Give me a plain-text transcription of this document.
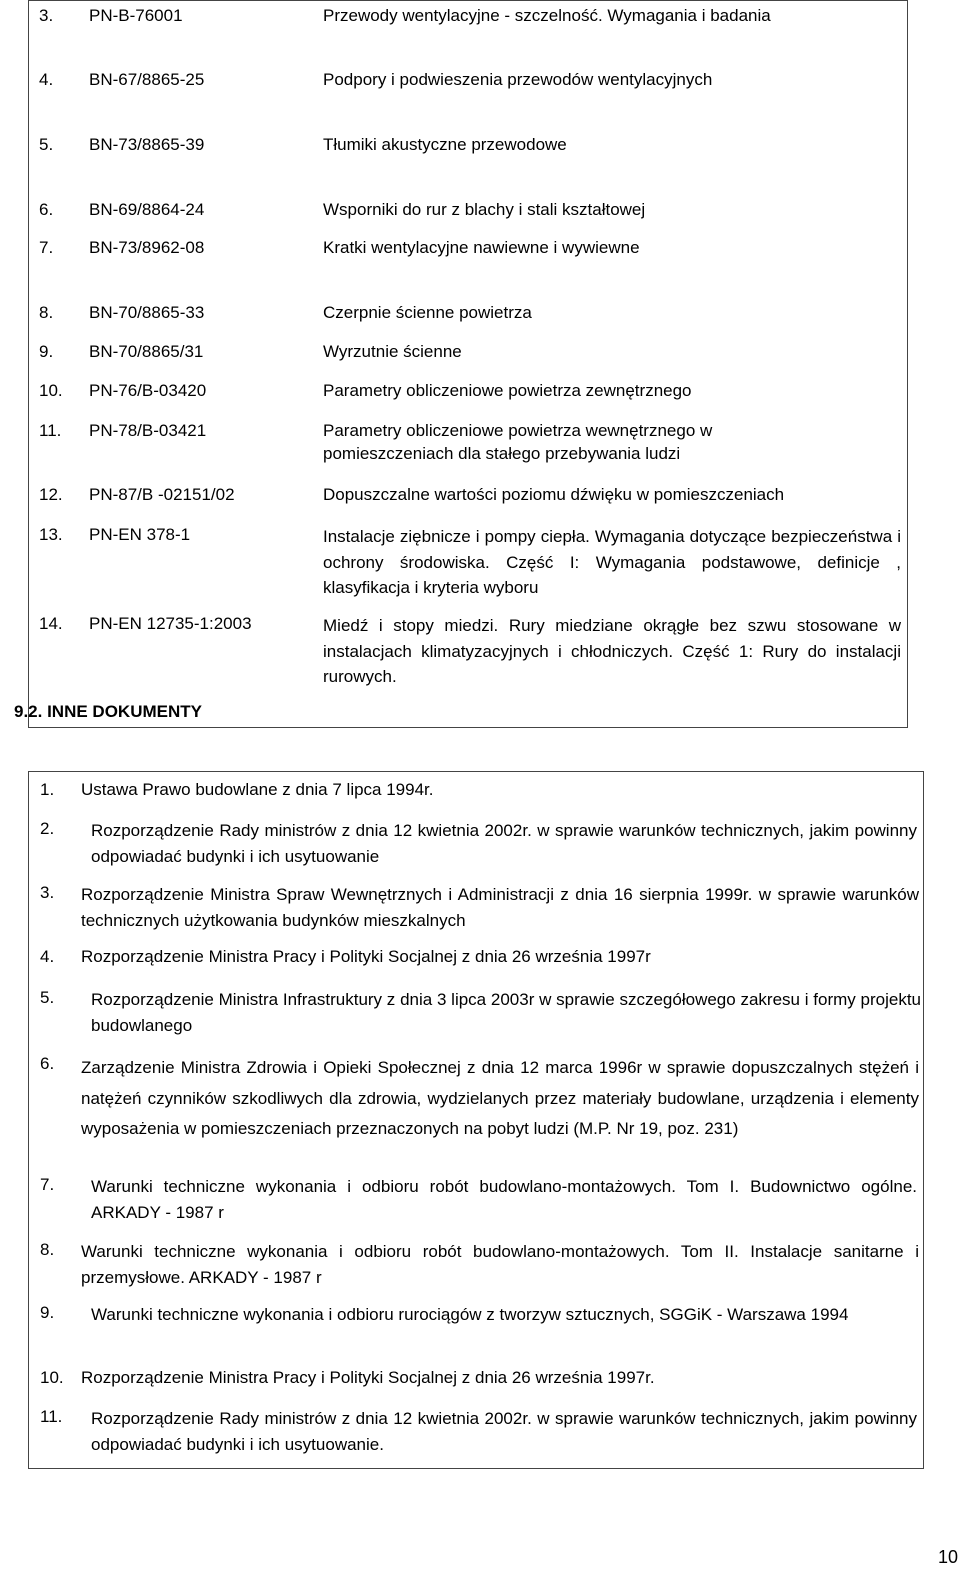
3. PN-B-76001	Przewody wentylacyjne - szczelność. Wymagania i badania
4. BN-67/8865-25	Podpory i podwieszenia przewodów wentylacyjnych
5. BN-73/8865-39	Tłumiki akustyczne przewodowe
6. BN-69/8864-24	Wsporniki do rur z blachy i stali kształtowej
7. BN-73/8962-08	Kratki wentylacyjne nawiewne i wywiewne
8. BN-70/8865-33	Czerpnie ścienne powietrza
9. BN-70/8865/31	Wyrzutnie ścienne
10. PN-76/B-03420	Parametry obliczeniowe powietrza zewnętrznego
11. PN-78/B-03421	Parametry obliczeniowe powietrza wewnętrznego w pomieszczeniach dla stałego przebywania ludzi
12. PN-87/B -02151/02	Dopuszczalne wartości poziomu dźwięku w pomieszczeniach
13. PN-EN 378-1	Instalacje ziębnicze i pompy ciepła. Wymagania dotyczące bezpieczeństwa i ochrony środowiska. Część I: Wymagania podstawowe, definicje , klasyfikacja i kryteria wyboru
14. PN-EN 12735-1:2003	Miedź i stopy miedzi. Rury miedziane okrągłe bez szwu stosowane w instalacjach klimatyzacyjnych i chłodniczych. Część 1: Rury do instalacji rurowych.
9.2. INNE DOKUMENTY
1. Ustawa Prawo budowlane z dnia 7 lipca 1994r.
2. Rozporządzenie Rady ministrów z dnia 12 kwietnia 2002r. w sprawie warunków technicznych, jakim powinny odpowiadać budynki i ich usytuowanie
3. Rozporządzenie Ministra Spraw Wewnętrznych i Administracji z dnia 16 sierpnia 1999r. w sprawie warunków technicznych użytkowania budynków mieszkalnych
4. Rozporządzenie Ministra Pracy i Polityki Socjalnej z dnia 26 września 1997r
5. Rozporządzenie Ministra Infrastruktury z dnia 3 lipca 2003r w sprawie szczegółowego zakresu i formy projektu budowlanego
6. Zarządzenie Ministra Zdrowia i Opieki Społecznej z dnia 12 marca 1996r w sprawie dopuszczalnych stężeń i natężeń czynników szkodliwych dla zdrowia, wydzielanych przez materiały budowlane, urządzenia i elementy wyposażenia w pomieszczeniach przeznaczonych na pobyt ludzi (M.P. Nr 19, poz. 231)
7. Warunki techniczne wykonania i odbioru robót budowlano-montażowych. Tom I. Budownictwo ogólne. ARKADY - 1987 r
8. Warunki techniczne wykonania i odbioru robót budowlano-montażowych. Tom II. Instalacje sanitarne i przemysłowe. ARKADY - 1987 r
9. Warunki techniczne wykonania i odbioru rurociągów z tworzyw sztucznych, SGGiK - Warszawa 1994
10. Rozporządzenie Ministra Pracy i Polityki Socjalnej z dnia 26 września 1997r.
11. Rozporządzenie Rady ministrów z dnia 12 kwietnia 2002r. w sprawie warunków technicznych, jakim powinny odpowiadać budynki i ich usytuowanie.
10
